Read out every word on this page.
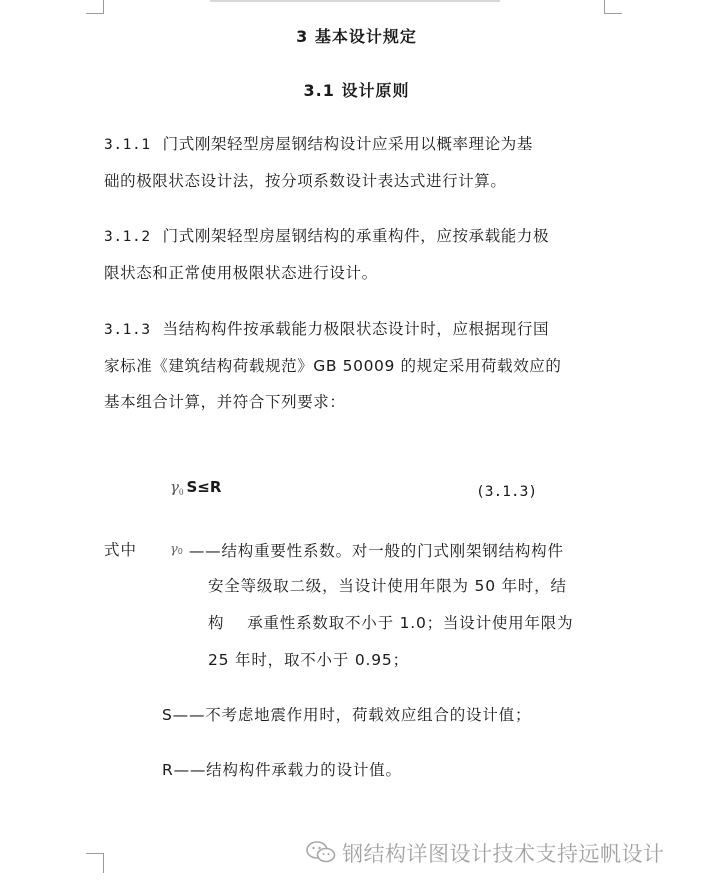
3 基本设计规定
3.1 设计原则
3.1.1 门式刚架轻型房屋钢结构设计应采用以概率理论为基
础的极限状态设计法，按分项系数设计表达式进行计算。
3.1.2 门式刚架轻型房屋钢结构的承重构件，应按承载能力极
限状态和正常使用极限状态进行设计。
3.1.3 当结构构件按承载能力极限状态设计时，应根据现行国
家标准《建筑结构荷载规范》GB 50009 的规定采用荷载效应的
基本组合计算，并符合下列要求：
γ0 S≤R	(3.1.3)
式中	γ0 ——结构重要性系数。对一般的门式刚架钢结构构件
安全等级取二级，当设计使用年限为 50 年时，结
构    承重性系数取不小于 1.0；当设计使用年限为
25 年时，取不小于 0.95；
S——不考虑地震作用时，荷载效应组合的设计值；
R——结构构件承载力的设计值。
钢结构详图设计技术支持远帆设计
